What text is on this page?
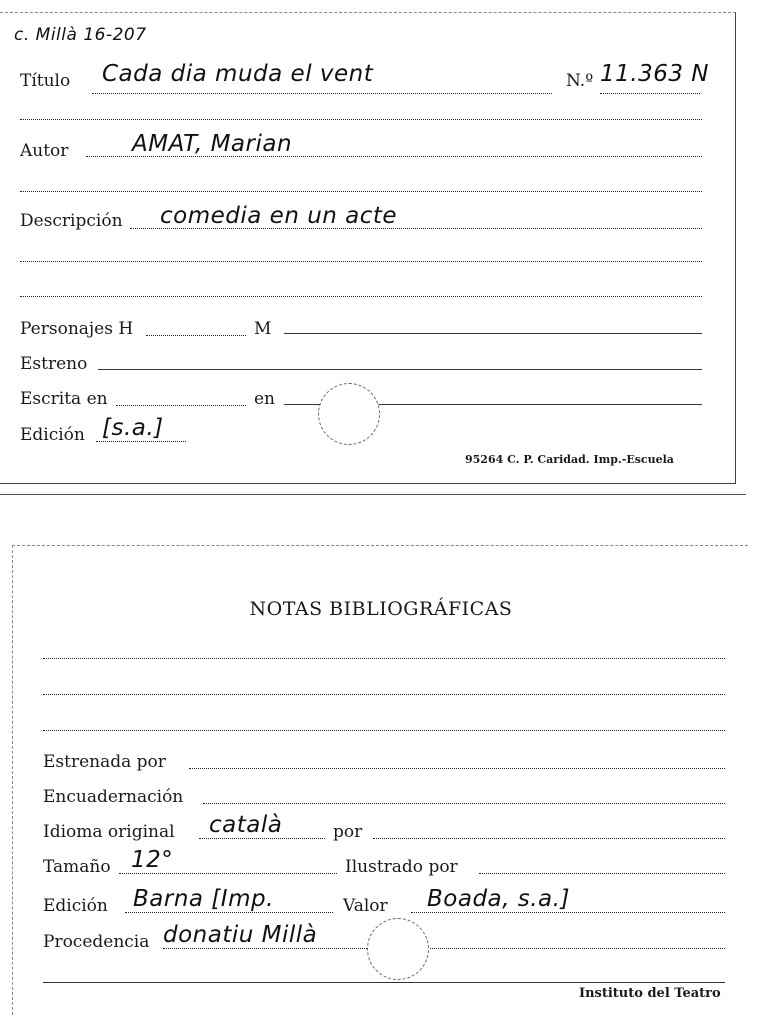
c. Millà 16-207
Título Cada dia muda el vent	N.º 11.363 N
Autor	AMAT, Marian
Descripción comedia en un acte
Personajes H	M
Estreno
Escrita en	en
Edición [s.a.]
95264 C. P. Caridad. Imp.-Escuela
NOTAS BIBLIOGRÁFICAS
Estrenada por
Encuadernación
Idioma original català	por
Tamaño 12°	Ilustrado por
Edición Barna [Imp.	Valor Boada, s.a.]
Procedencia donatiu Millà
Instituto del Teatro
